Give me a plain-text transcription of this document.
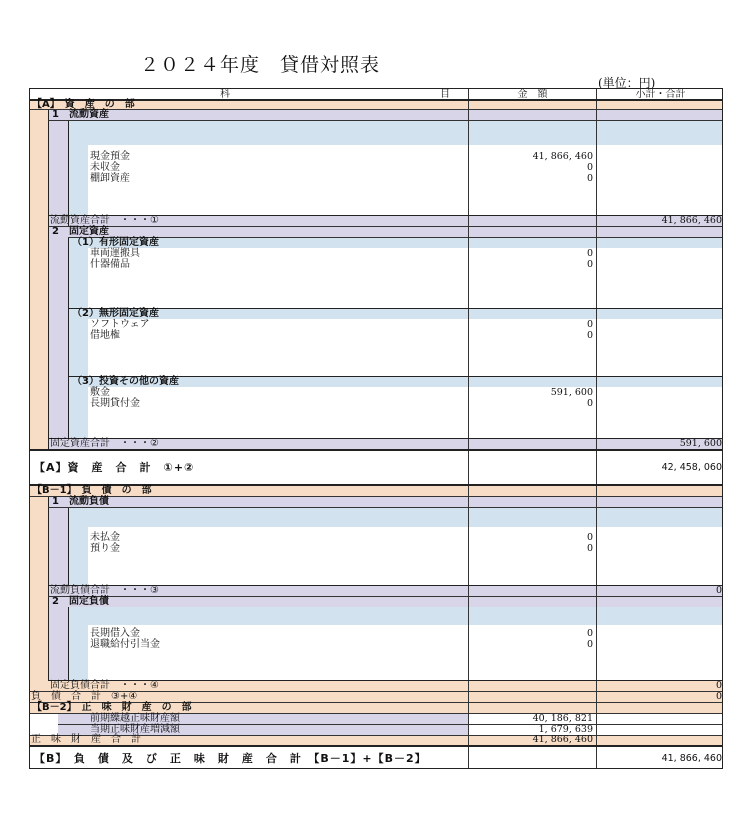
２０２４年度　貸借対照表
(単位：円)
科	目	金　額	小計・合計
【A】　資　産　の　部
1　流動資産
現金預金	41, 866, 460
未収金	0
棚卸資産	0
流動資産合計　・・・①	41, 866, 460
2　固定資産
（1）有形固定資産
車両運搬具	0
什器備品	0
（2）無形固定資産
ソフトウェア	0
借地権	0
（3）投資その他の資産
敷金	591, 600
長期貸付金	0
固定資産合計　・・・②	591, 600
【A】資　産　合　計　①+②	42, 458, 060
【B－1】　負　債　の　部
1　流動負債
未払金	0
預り金	0
流動負債合計　・・・③	0
2　固定負債
長期借入金	0
退職給付引当金	0
固定負債合計　・・・④	0
負　債　合　計　③+④	0
【B－2】　正　味　財　産　の　部
前期繰越正味財産額	40, 186, 821
当期正味財産増減額	1, 679, 639
正　味　財　産　合　計	41, 866, 460
【B】　負　債　及　び　正　味　財　産　合　計　【B－1】+【B－2】	41, 866, 460
